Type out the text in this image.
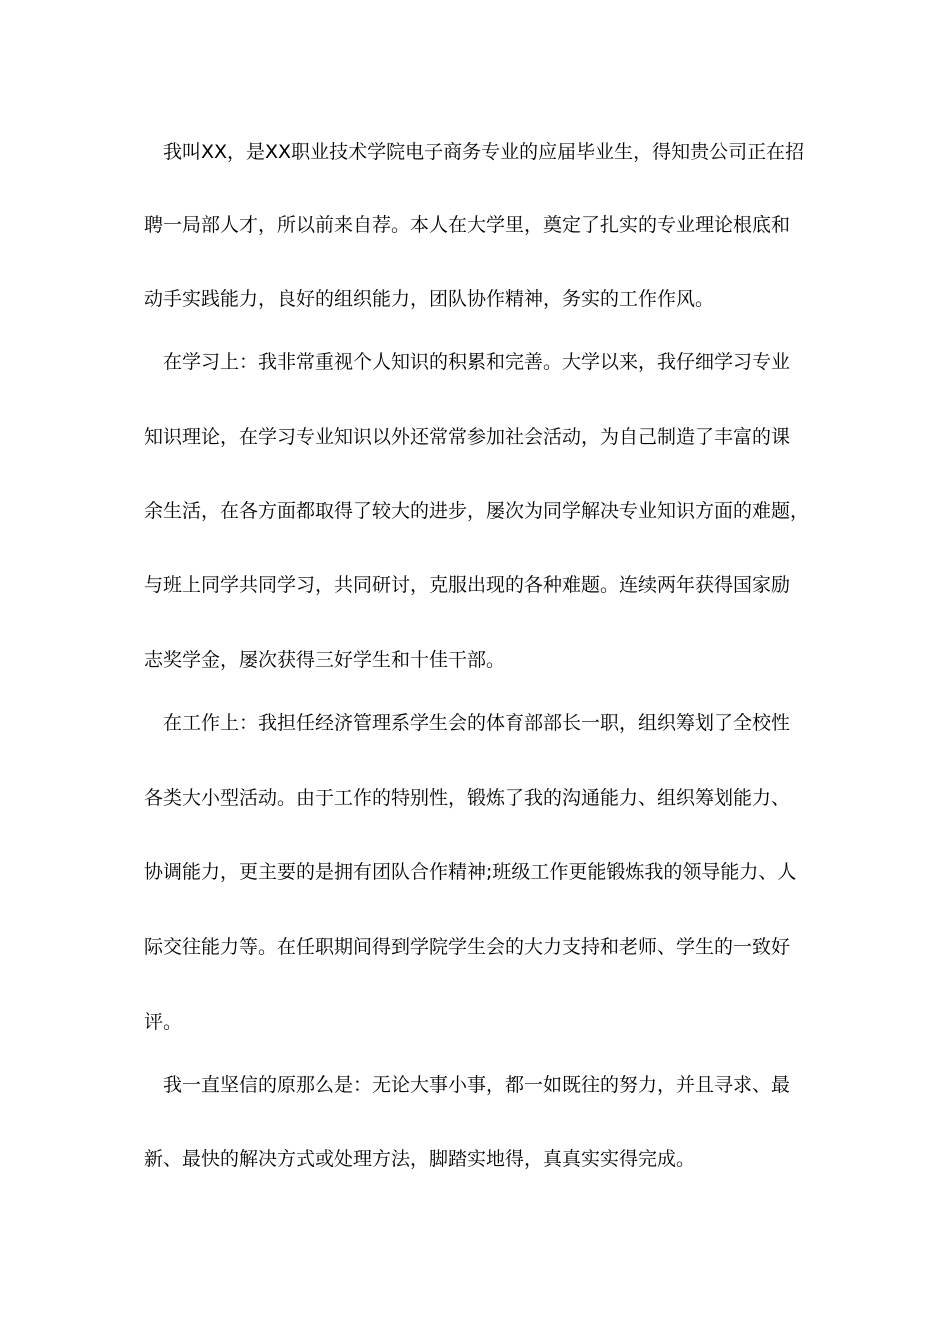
我叫XX，是XX职业技术学院电子商务专业的应届毕业生，得知贵公司正在招
聘一局部人才，所以前来自荐。本人在大学里，奠定了扎实的专业理论根底和
动手实践能力，良好的组织能力，团队协作精神，务实的工作作风。
在学习上：我非常重视个人知识的积累和完善。大学以来，我仔细学习专业
知识理论，在学习专业知识以外还常常参加社会活动，为自己制造了丰富的课
余生活，在各方面都取得了较大的进步，屡次为同学解决专业知识方面的难题，
与班上同学共同学习，共同研讨，克服出现的各种难题。连续两年获得国家励
志奖学金，屡次获得三好学生和十佳干部。
在工作上：我担任经济管理系学生会的体育部部长一职，组织筹划了全校性
各类大小型活动。由于工作的特别性，锻炼了我的沟通能力、组织筹划能力、
协调能力，更主要的是拥有团队合作精神;班级工作更能锻炼我的领导能力、人
际交往能力等。在任职期间得到学院学生会的大力支持和老师、学生的一致好
评。
我一直坚信的原那么是：无论大事小事，都一如既往的努力，并且寻求、最
新、最快的解决方式或处理方法，脚踏实地得，真真实实得完成。
